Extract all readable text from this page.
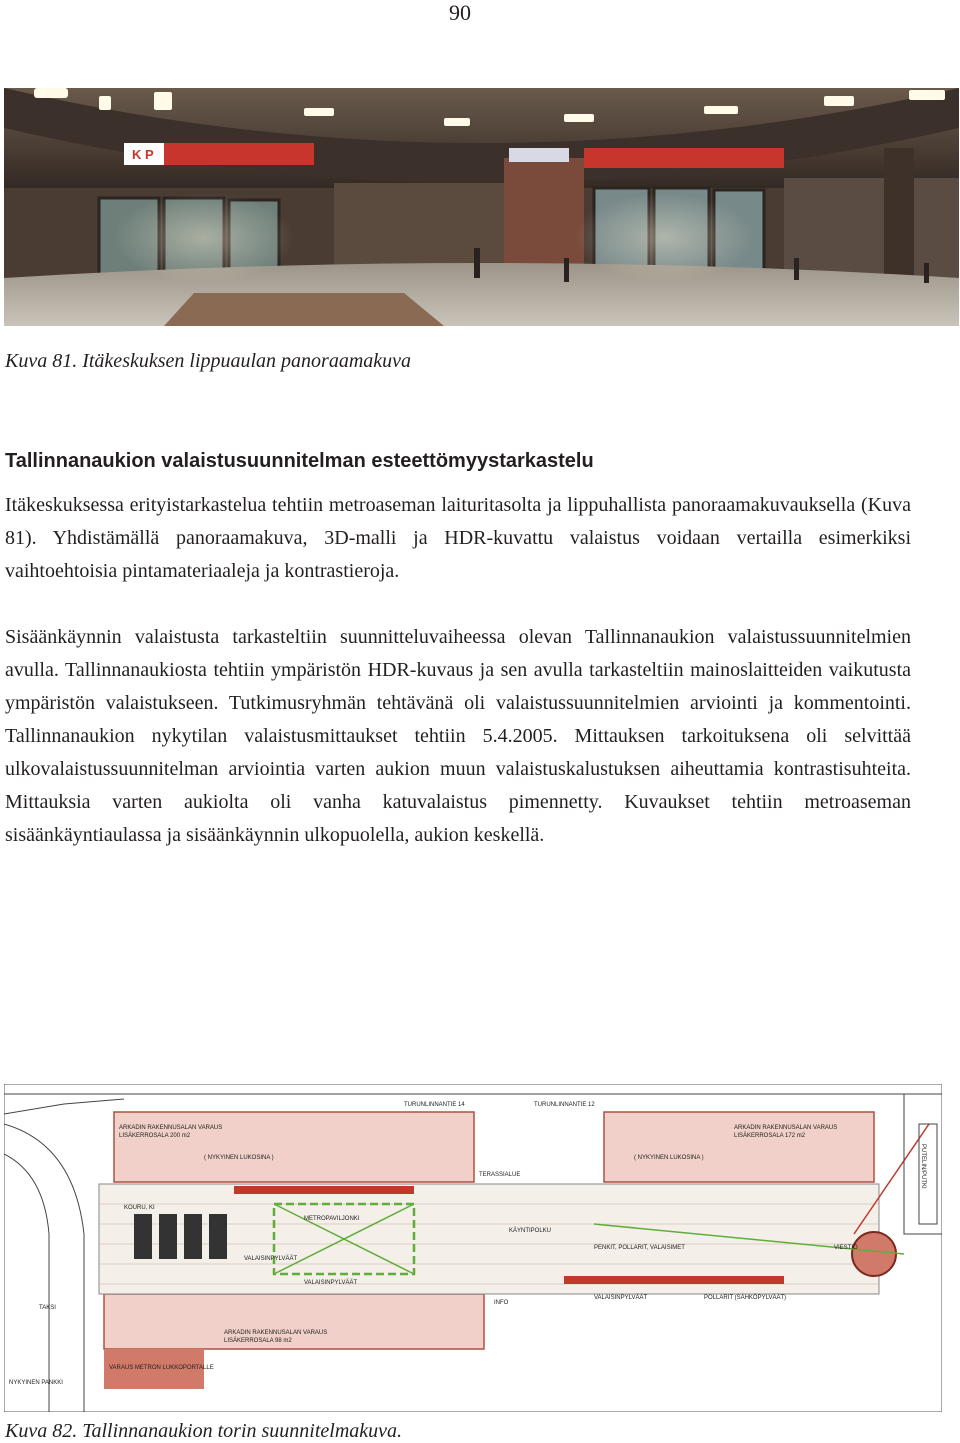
90
K P
Kuva 81. Itäkeskuksen lippuaulan panoraamakuva
Tallinnanaukion valaistusuunnitelman esteettömyystarkastelu

Itäkeskuksessa erityistarkastelua tehtiin metroaseman laituritasolta ja lippuhallista panoraamakuvauksella (Kuva 81). Yhdistämällä panoraamakuva, 3D-malli ja HDR-kuvattu valaistus voidaan vertailla esimerkiksi vaihtoehtoisia pintamateriaaleja ja kontrastieroja.

Sisäänkäynnin valaistusta tarkasteltiin suunnitteluvaiheessa olevan Tallinnanaukion valaistussuunnitelmien avulla. Tallinnanaukiosta tehtiin ympäristön HDR-kuvaus ja sen avulla tarkasteltiin mainoslaitteiden vaikutusta ympäristön valaistukseen. Tutkimusryhmän tehtävänä oli valaistussuunnitelmien arviointi ja kommentointi. Tallinnanaukion nykytilan valaistusmittaukset tehtiin 5.4.2005. Mittauksen tarkoituksena oli selvittää ulkovalaistussuunnitelman arviointia varten aukion muun valaistuskalustuksen aiheuttamia kontrastisuhteita. Mittauksia varten aukiolta oli vanha katuvalaistus pimennetty. Kuvaukset tehtiin metroaseman sisäänkäyntiaulassa ja sisäänkäynnin ulkopuolella, aukion keskellä.

TURUNLINNANTIE 14	TURUNLINNANTIE 12
ARKADIN RAKENNUSALAN VARAUS
LISÄKERROSALA 200 m2
ARKADIN RAKENNUSALAN VARAUS
LISÄKERROSALA 172 m2
( NYKYINEN LUKOSINA )	( NYKYINEN LUKOSINA )
TERASSIALUE
METROPAVILJONKI
KOURU, KI
VALAISINPYLVÄÄT
VALAISINPYLVÄÄT	POLLARIT (SÄHKÖPYLVÄÄT)
PENKIT, POLLARIT, VALAISIMET
TAKSI
ARKADIN RAKENNUSALAN VARAUS
LISÄKERROSALA 98 m2
VARAUS METRON LUKKOPORTALLE
INFO
NYKYINEN PANKKI
VIESTIÖ
KÄYNTIPOLKU
VALAISINPYLVÄÄT
PUTELIN/PUTKI
Kuva 82. Tallinnanaukion torin suunnitelmakuva.
